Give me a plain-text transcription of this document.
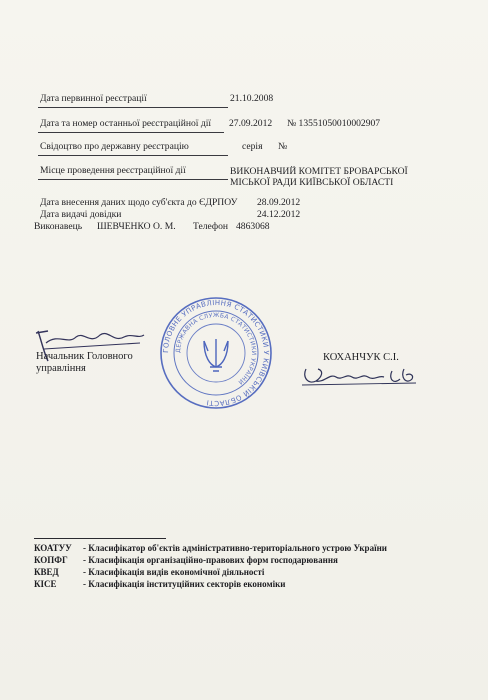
Дата первинної реєстрації	21.10.2008
Дата та номер останньої реєстраційної дії 27.09.2012 № 13551050010002907
Свідоцтво про державну реєстрацію	серія №
Місце проведення реєстраційної дії	ВИКОНАВЧИЙ КОМІТЕТ БРОВАРСЬКОЇ
МІСЬКОЇ РАДИ КИЇВСЬКОЇ ОБЛАСТІ
Дата внесення даних щодо суб'єкта до ЄДРПОУ 28.09.2012
Дата видачі довідки	24.12.2012
Виконавець ШЕВЧЕНКО О. М. Телефон 4863068
Начальник Головного
управління
КОХАНЧУК С.І.
ГОЛОВНЕ УПРАВЛІННЯ СТАТИСТИКИ У КИЇВСЬКІЙ ОБЛАСТІ
ДЕРЖАВНА СЛУЖБА СТАТИСТИКИ УКРАЇНИ
КОАТУУ - Класифікатор об'єктів адміністративно-територіального устрою України
КОПФГ - Класифікація організаційно-правових форм господарювання
КВЕД	- Класифікація видів економічної діяльності
КІСЕ	- Класифікація інституційних секторів економіки
